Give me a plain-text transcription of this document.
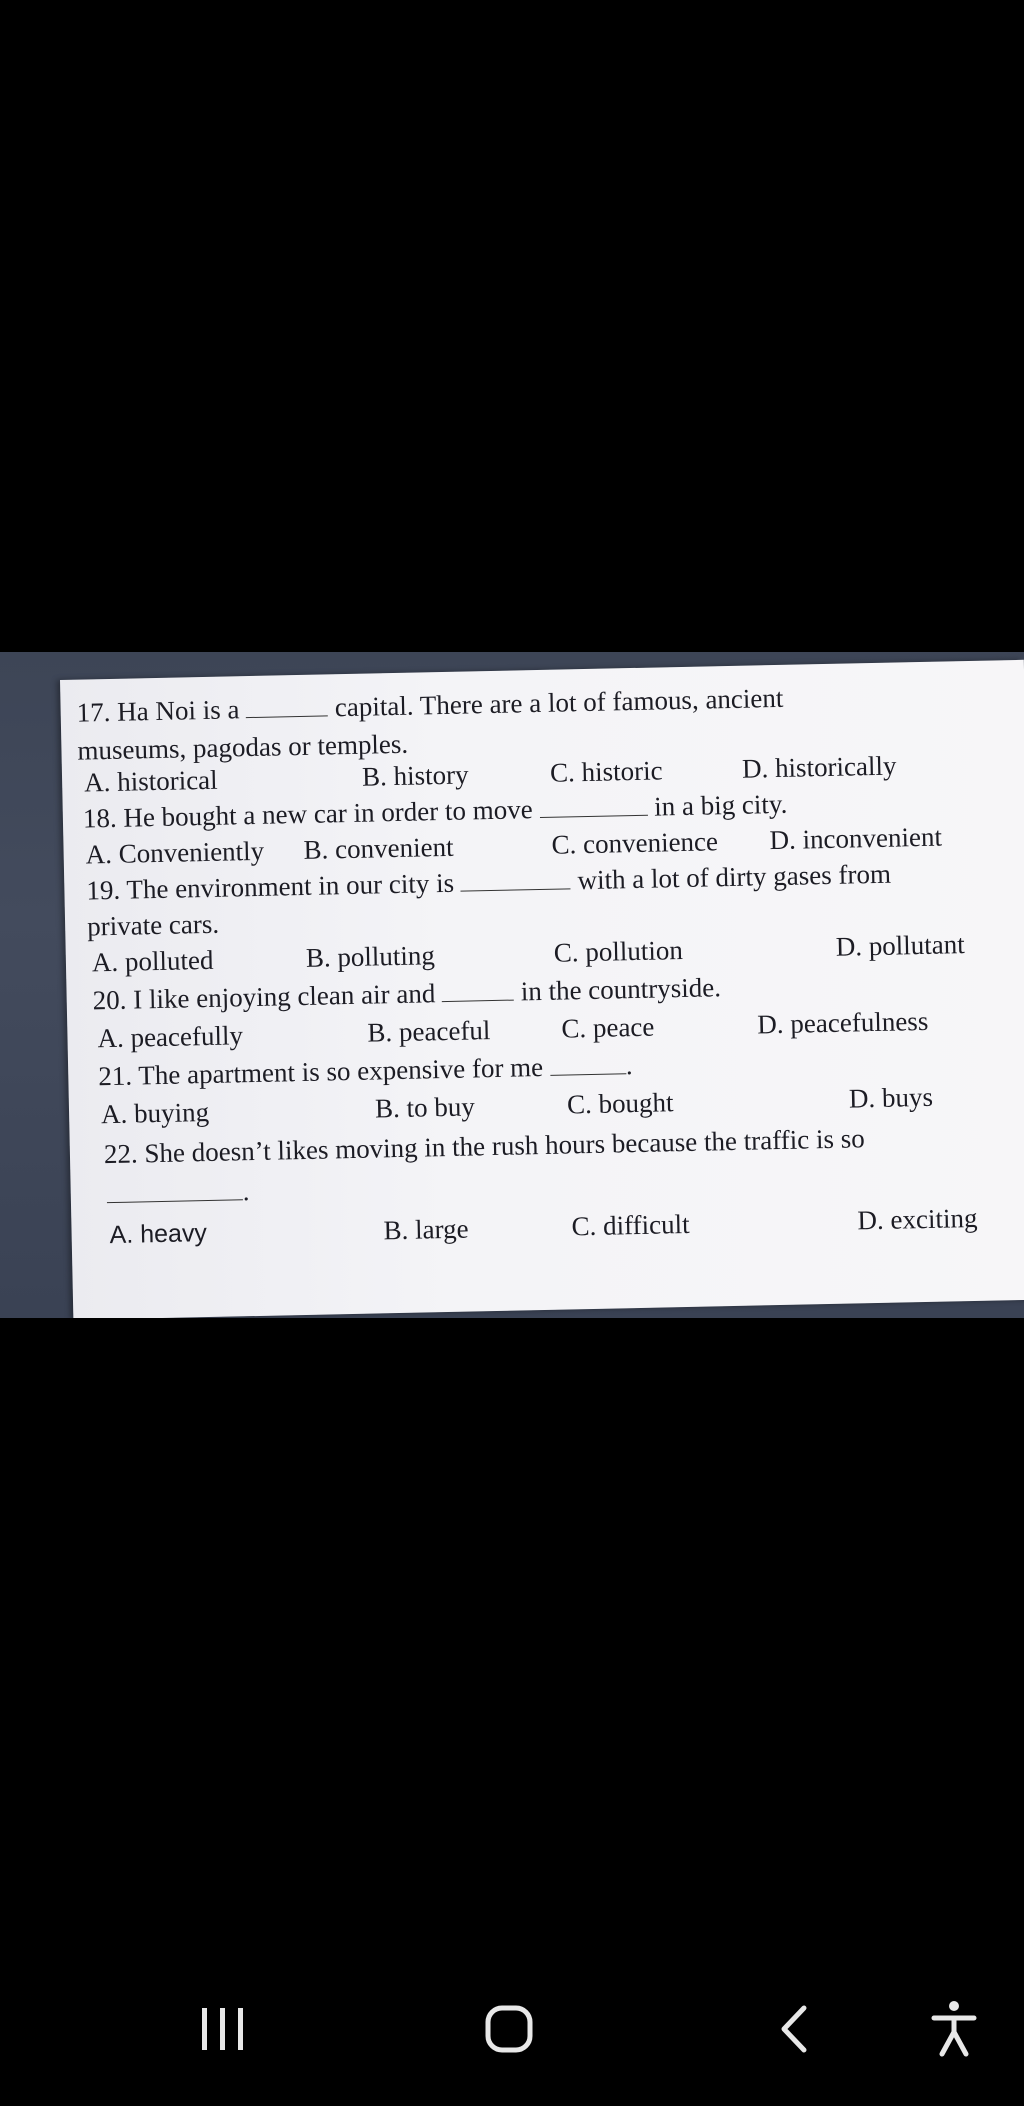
17. Ha Noi is a	capital. There are a lot of famous, ancient
museums, pagodas or temples.
A. historical	B. history	C. historic	D. historically
18. He bought a new car in order to move	in a big city.
A. Conveniently B. convenient	C. convenience D. inconvenient
19. The environment in our city is	with a lot of dirty gases from
private cars.
A. polluted	B. polluting	C. pollution	D. pollutant
20. I like enjoying clean air and	in the countryside.
A. peacefully	B. peaceful	C. peace	D. peacefulness
21. The apartment is so expensive for me	.
A. buying	B. to buy	C. bought	D. buys
22. She doesn’t likes moving in the rush hours because the traffic is so
.
A. heavy	B. large	C. difficult	D. exciting
